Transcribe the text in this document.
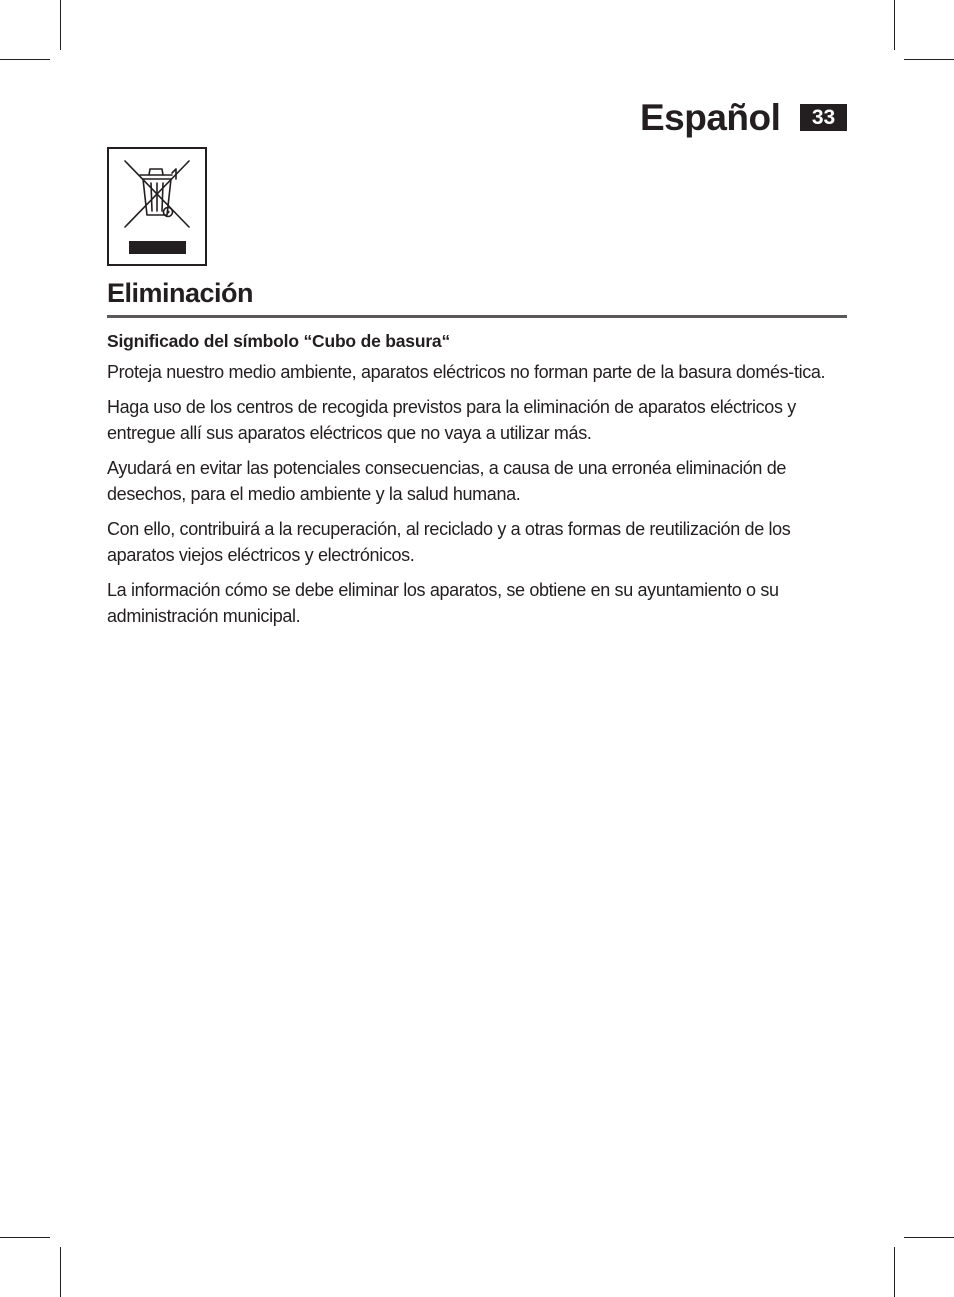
Español	33
Eliminación

Significado del símbolo “Cubo de basura“

Proteja nuestro medio ambiente, aparatos eléctricos no forman parte de la basura domés-tica.

Haga uso de los centros de recogida previstos para la eliminación de aparatos eléctricos y entregue allí sus aparatos eléctricos que no vaya a utilizar más.

Ayudará en evitar las potenciales consecuencias, a causa de una erronéa eliminación de desechos, para el medio ambiente y la salud humana.

Con ello, contribuirá a la recuperación, al reciclado y a otras formas de reutilización de los aparatos viejos eléctricos y electrónicos.

La información cómo se debe eliminar los aparatos, se obtiene en su ayuntamiento o su administración municipal.
